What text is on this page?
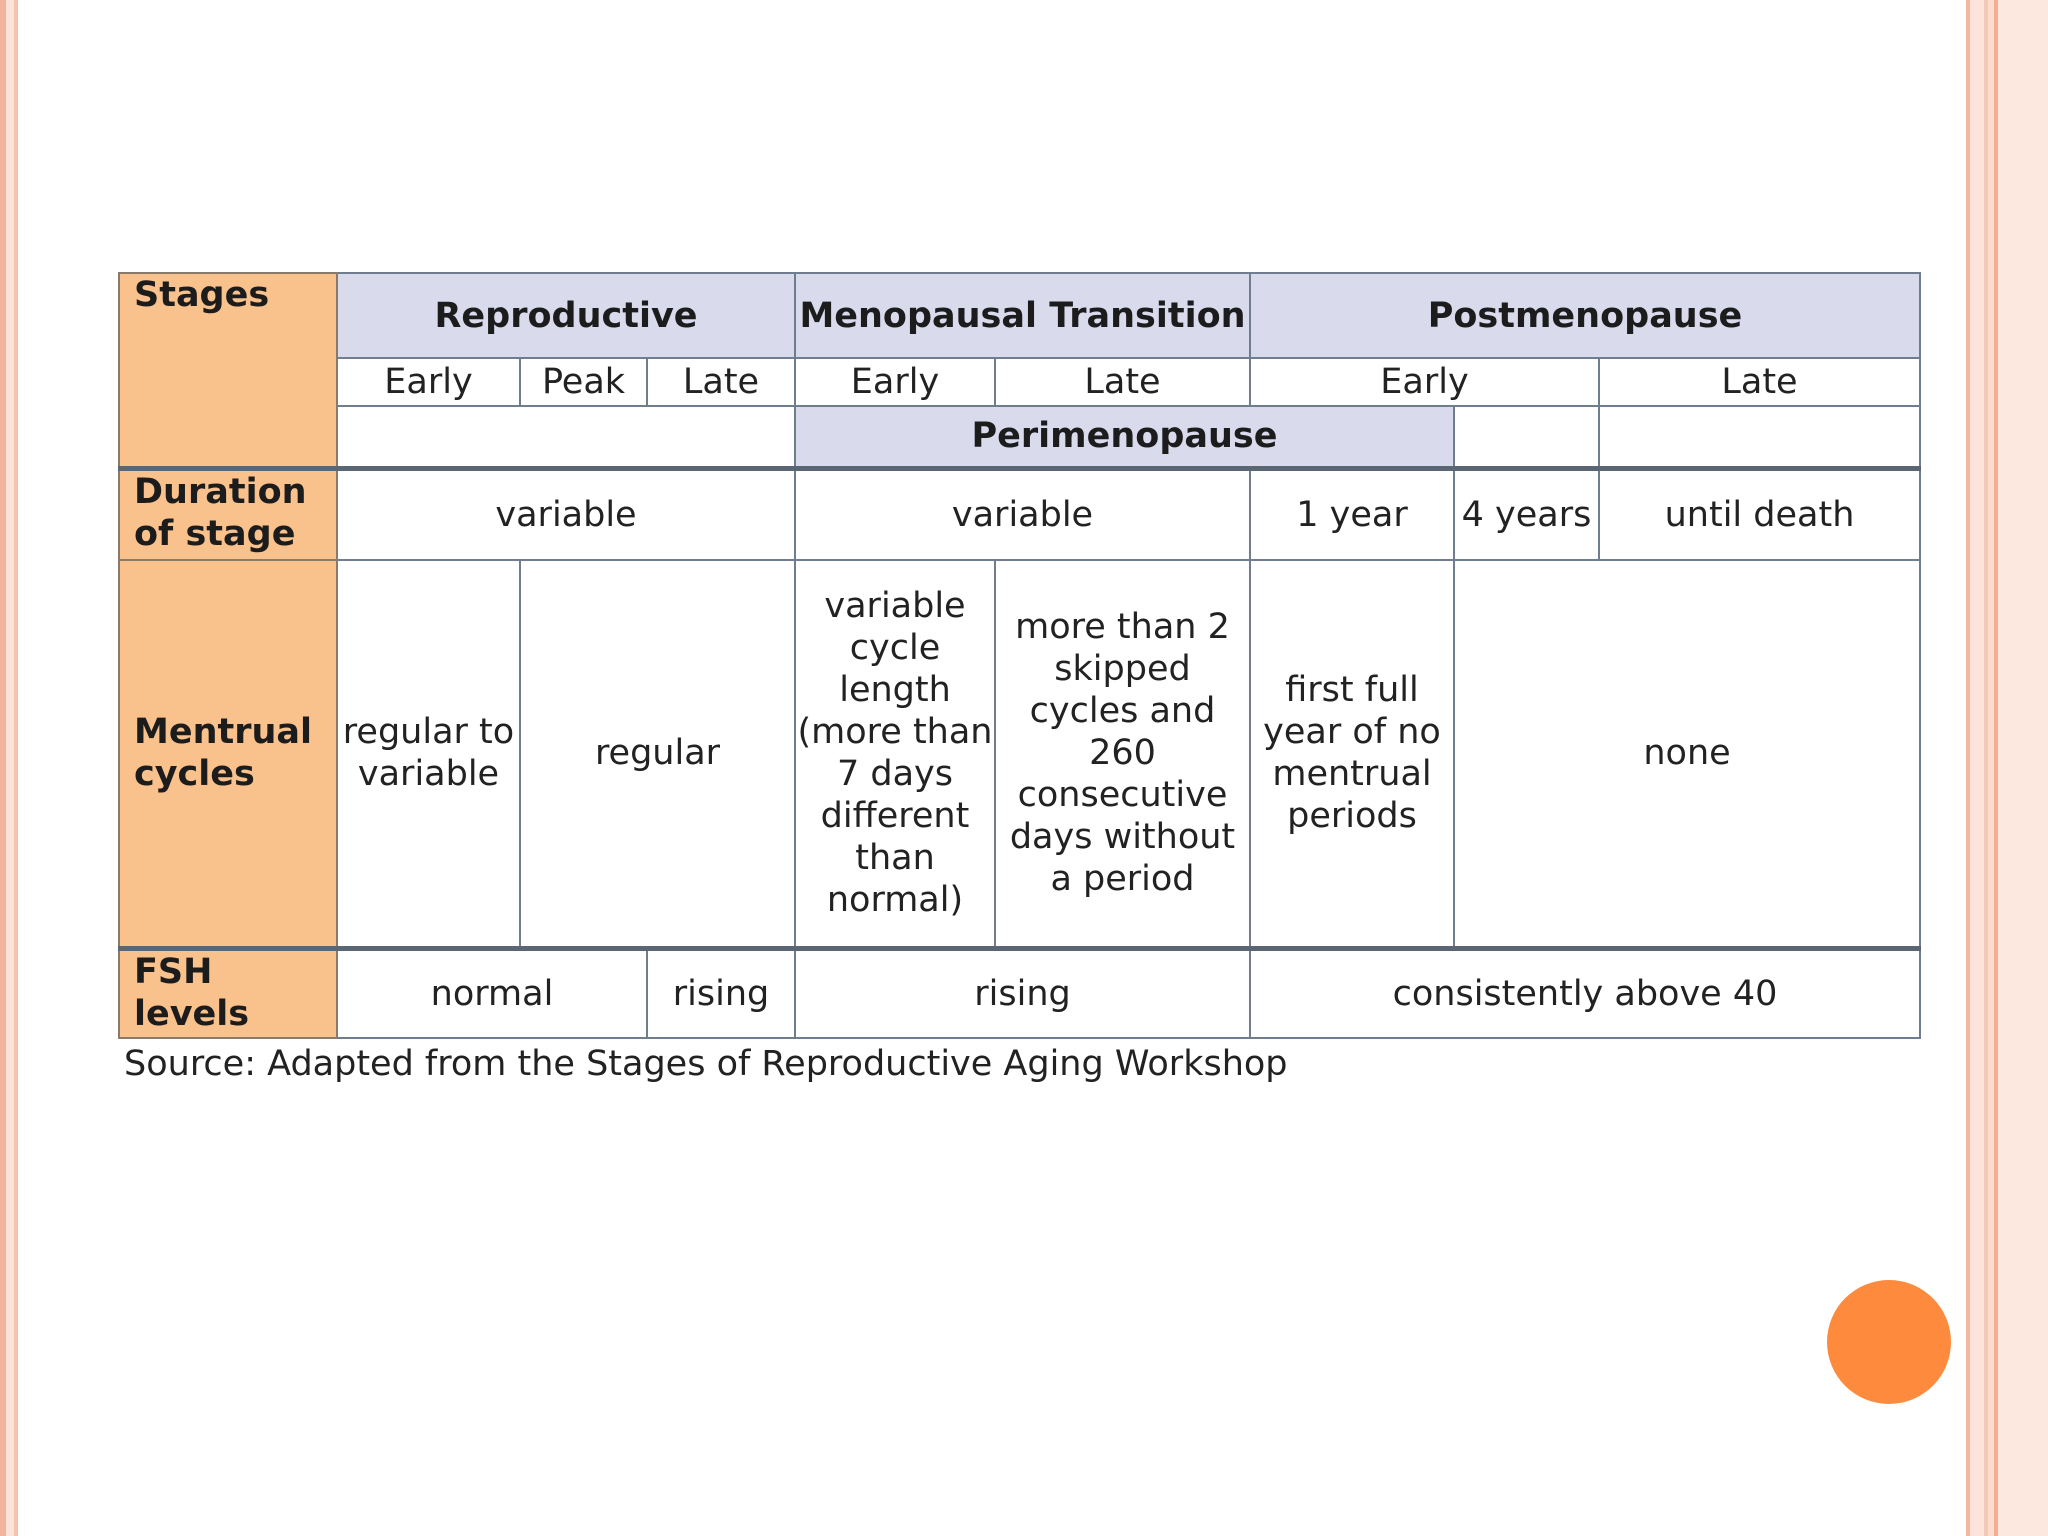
Stages	Reproductive			Menopausal Transition		Postmenopause		
	Early	Peak	Late	Early	Late	Early		Late
				Perimenopause				
Duration of stage	variable			variable		1 year	4 years	until death
Mentrual cycles	regular to variable	regular		variable cycle length (more than 7 days different than normal)	more than 2 skipped cycles and 260 consecutive days without a period	first full year of no mentrual periods	none	
FSH levels	normal		rising	rising		consistently above 40		
Source: Adapted from the Stages of Reproductive Aging Workshop
